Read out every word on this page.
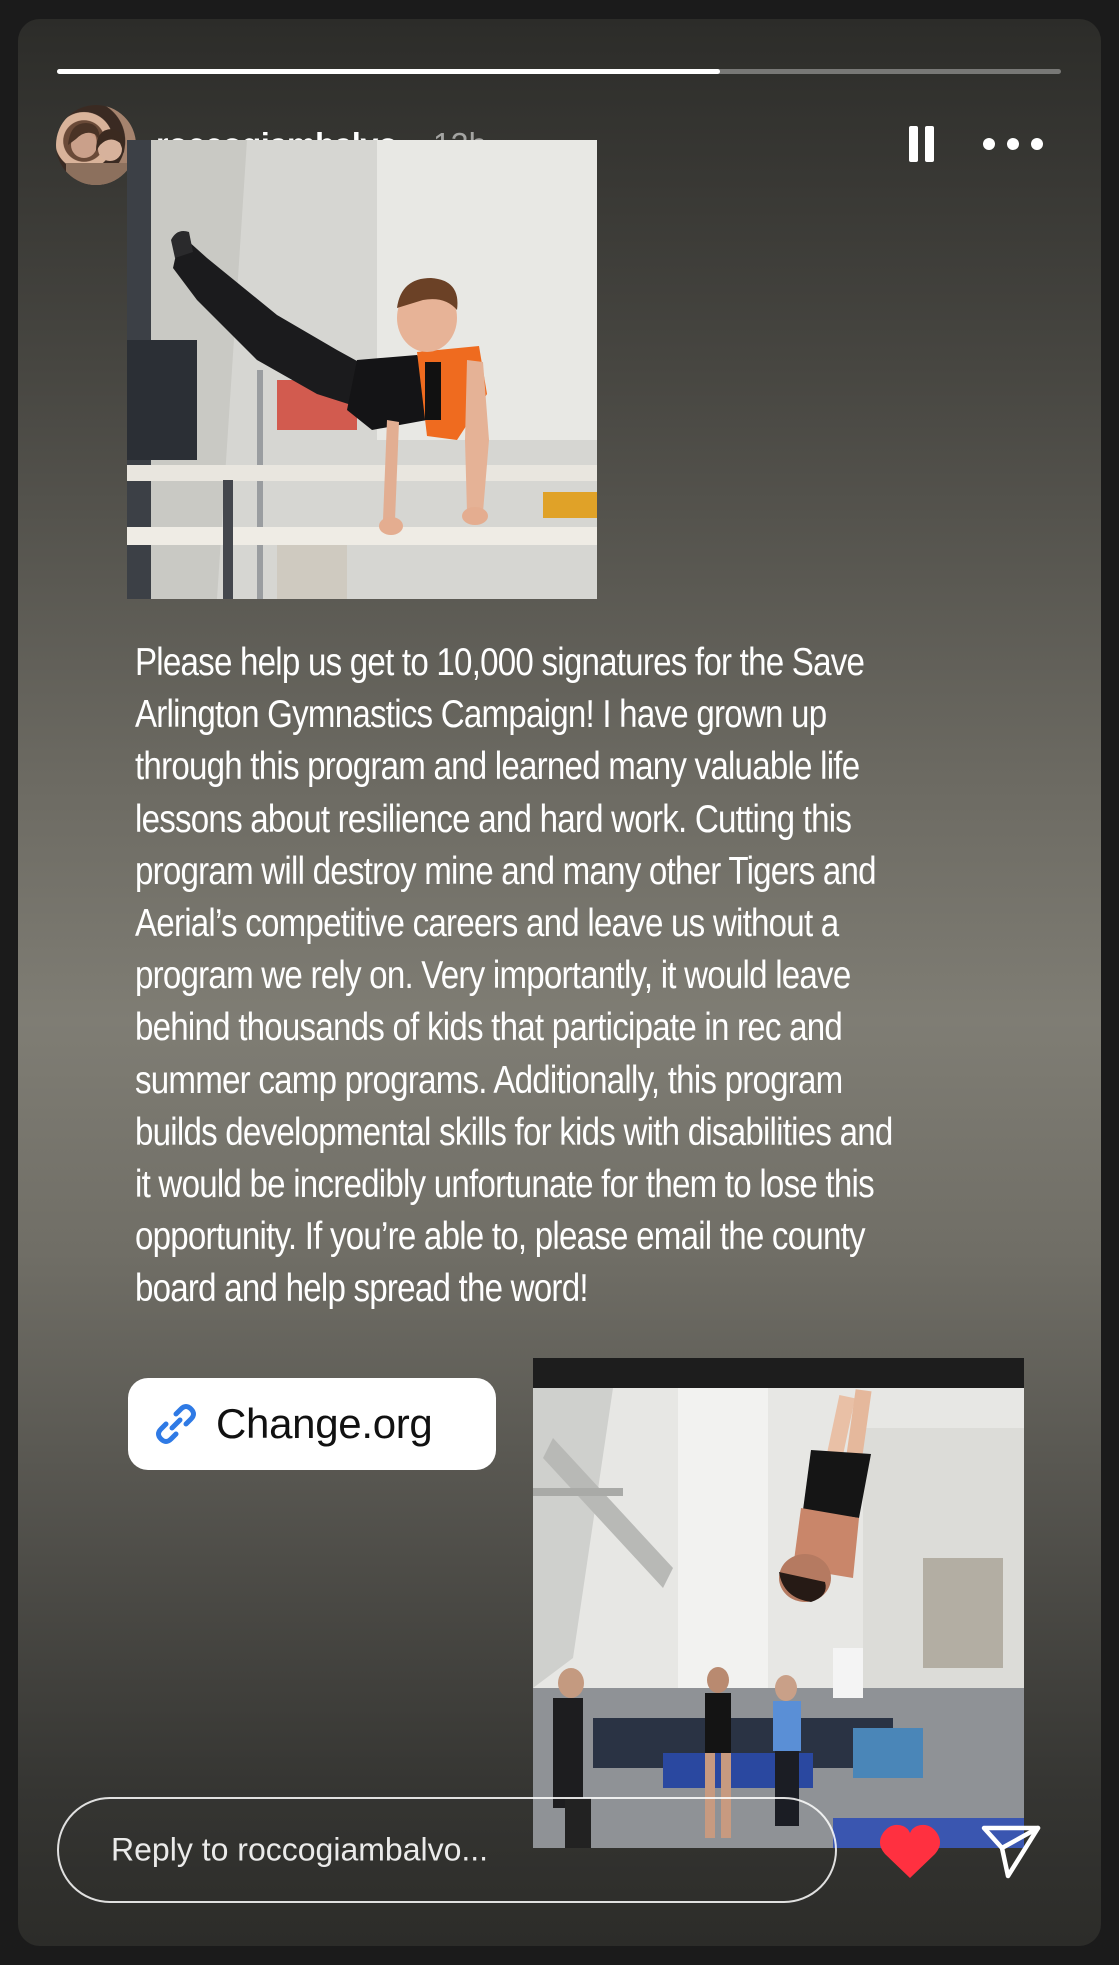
Please help us get to 10,000 signatures for the Save
Arlington Gymnastics Campaign! I have grown up
through this program and learned many valuable life
lessons about resilience and hard work. Cutting this
program will destroy mine and many other Tigers and
Aerial’s competitive careers and leave us without a
program we rely on. Very importantly, it would leave
behind thousands of kids that participate in rec and
summer camp programs. Additionally, this program
builds developmental skills for kids with disabilities and
it would be incredibly unfortunate for them to lose this
opportunity. If you’re able to, please email the county
board and help spread the word!
Change.org
Reply to roccogiambalvo...
